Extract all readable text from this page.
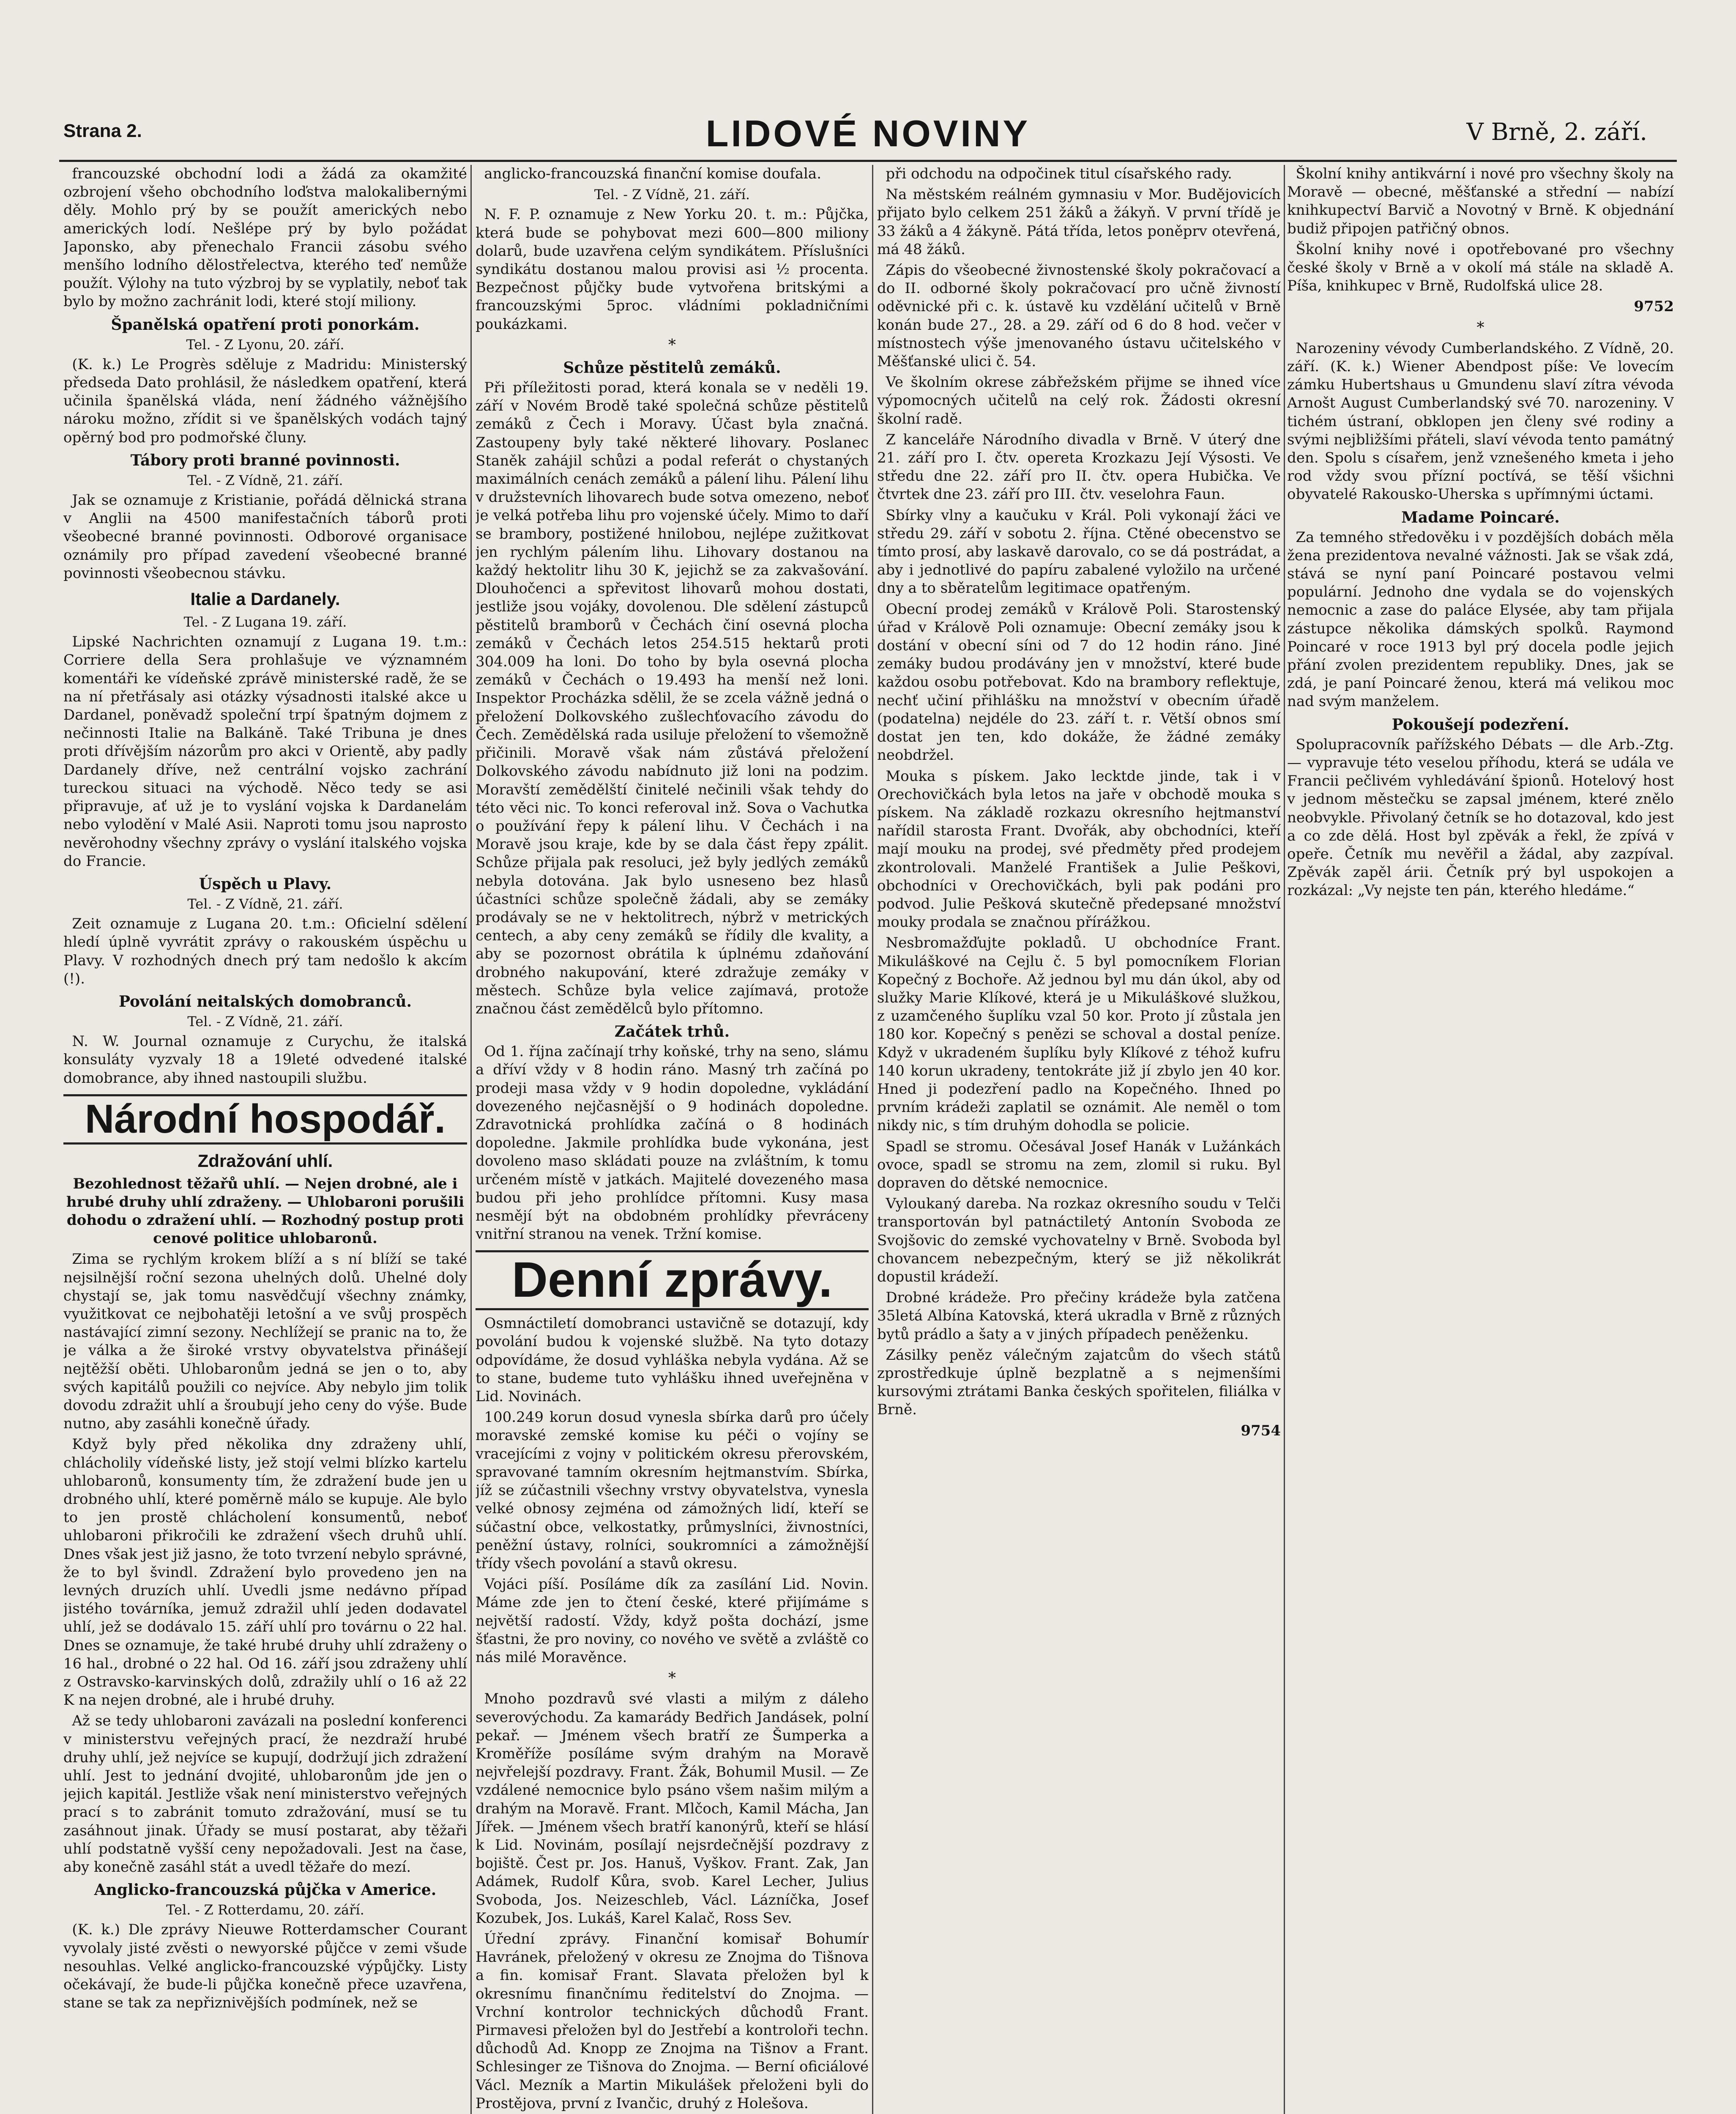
Strana 2.	LIDOVÉ NOVINY	V Brně, 2. září.

francouzské obchodní lodi a žádá za okamžité ozbrojení všeho obchodního loďstva malokalibernými děly. Mohlo prý by se použít amerických nebo amerických lodí. Nešlépe prý by bylo požádat Japonsko, aby přenechalo Francii zásobu svého menšího lodního dělostřelectva, kterého teď nemůže použít. Výlohy na tuto výzbroj by se vyplatily, neboť tak bylo by možno zachránit lodi, které stojí miliony.

Španělská opatření proti ponorkám.
Tel. - Z Lyonu, 20. září.

(K. k.) Le Progrès sděluje z Madridu: Ministerský předseda Dato prohlásil, že následkem opatření, která učinila španělská vláda, není žádného vážnějšího nároku možno, zřídit si ve španělských vodách tajný opěrný bod pro podmořské čluny.

Tábory proti branné povinnosti.
Tel. - Z Vídně, 21. září.

Jak se oznamuje z Kristianie, pořádá dělnická strana v Anglii na 4500 manifestačních táborů proti všeobecné branné povinnosti. Odborové organisace oznámily pro případ zavedení všeobecné branné povinnosti všeobecnou stávku.

Italie a Dardanely.
Tel. - Z Lugana 19. září.

Lipské Nachrichten oznamují z Lugana 19. t.m.: Corriere della Sera prohlašuje ve významném komentáři ke vídeňské zprávě ministerské radě, že se na ní přetřásaly asi otázky výsadnosti italské akce u Dardanel, poněvadž společní trpí špatným dojmem z nečinnosti Italie na Balkáně. Také Tribuna je dnes proti dřívějším názorům pro akci v Orientě, aby padly Dardanely dříve, než centrální vojsko zachrání tureckou situaci na východě. Něco tedy se asi připravuje, ať už je to vyslání vojska k Dardanelám nebo vylodění v Malé Asii. Naproti tomu jsou naprosto nevěrohodny všechny zprávy o vyslání italského vojska do Francie.

Úspěch u Plavy.
Tel. - Z Vídně, 21. září.

Zeit oznamuje z Lugana 20. t.m.: Oficielní sdělení hledí úplně vyvrátit zprávy o rakouském úspěchu u Plavy. V rozhodných dnech prý tam nedošlo k akcím (!).

Povolání neitalských domobranců.
Tel. - Z Vídně, 21. září.

N. W. Journal oznamuje z Curychu, že italská konsuláty vyzvaly 18 a 19leté odvedené italské domobrance, aby ihned nastoupili službu.

Národní hospodář.
Zdražování uhlí.

Bezohlednost těžařů uhlí. — Nejen drobné, ale i hrubé druhy uhlí zdraženy. — Uhlobaroni porušili dohodu o zdražení uhlí. — Rozhodný postup proti cenové politice uhlobaronů.

Zima se rychlým krokem blíží a s ní blíží se také nejsilnější roční sezona uhelných dolů. Uhelné doly chystají se, jak tomu nasvědčují všechny známky, využitkovat ce nejbohatěji letošní a ve svůj prospěch nastávající zimní sezony. Nechlížejí se pranic na to, že je válka a že široké vrstvy obyvatelstva přinášejí nejtěžší oběti. Uhlobaronům jedná se jen o to, aby svých kapitálů použili co nejvíce. Aby nebylo jim tolik dovodu zdražit uhlí a šroubují jeho ceny do výše. Bude nutno, aby zasáhli konečně úřady.

Když byly před několika dny zdraženy uhlí, chlácholily vídeňské listy, jež stojí velmi blízko kartelu uhlobaronů, konsumenty tím, že zdražení bude jen u drobného uhlí, které poměrně málo se kupuje. Ale bylo to jen prostě chlácholení konsumentů, neboť uhlobaroni přikročili ke zdražení všech druhů uhlí. Dnes však jest již jasno, že toto tvrzení nebylo správné, že to byl švindl. Zdražení bylo provedeno jen na levných druzích uhlí. Uvedli jsme nedávno případ jistého továrníka, jemuž zdražil uhlí jeden dodavatel uhlí, jež se dodávalo 15. září uhlí pro továrnu o 22 hal. Dnes se oznamuje, že také hrubé druhy uhlí zdraženy o 16 hal., drobné o 22 hal. Od 16. září jsou zdraženy uhlí z Ostravsko-karvinských dolů, zdražily uhlí o 16 až 22 K na nejen drobné, ale i hrubé druhy.

Až se tedy uhlobaroni zavázali na poslední konferenci v ministerstvu veřejných prací, že nezdraží hrubé druhy uhlí, jež nejvíce se kupují, dodržují jich zdražení uhlí. Jest to jednání dvojité, uhlobaronům jde jen o jejich kapitál. Jestliže však není ministerstvo veřejných prací s to zabránit tomuto zdražování, musí se tu zasáhnout jinak. Úřady se musí postarat, aby těžaři uhlí podstatně vyšší ceny nepožadovali. Jest na čase, aby konečně zasáhl stát a uvedl těžaře do mezí.

Anglicko-francouzská půjčka v Americe.
Tel. - Z Rotterdamu, 20. září.

(K. k.) Dle zprávy Nieuwe Rotterdamscher Courant vyvolaly jisté zvěsti o newyorské půjčce v zemi všude nesouhlas. Velké anglicko-francouzské výpůjčky. Listy očekávají, že bude-li půjčka konečně přece uzavřena, stane se tak za nepřiznivějších podmínek, než se

anglicko-francouzská finanční komise doufala.

Tel. - Z Vídně, 21. září.

N. F. P. oznamuje z New Yorku 20. t. m.: Půjčka, která bude se pohybovat mezi 600—800 miliony dolarů, bude uzavřena celým syndikátem. Příslušníci syndikátu dostanou malou provisi asi ½ procenta. Bezpečnost půjčky bude vytvořena britskými a francouzskými 5proc. vládními pokladničními poukázkami.

*
Schůze pěstitelů zemáků.

Při příležitosti porad, která konala se v neděli 19. září v Novém Brodě také společná schůze pěstitelů zemáků z Čech i Moravy. Účast byla značná. Zastoupeny byly také některé lihovary. Poslanec Staněk zahájil schůzi a podal referát o chystaných maximálních cenách zemáků a pálení lihu. Pálení lihu v družstevních lihovarech bude sotva omezeno, neboť je velká potřeba lihu pro vojenské účely. Mimo to daří se brambory, postižené hnilobou, nejlépe zužitkovat jen rychlým pálením lihu. Lihovary dostanou na každý hektolitr lihu 30 K, jejichž se za zakvašování. Dlouhočenci a spřevitost lihovarů mohou dostati, jestliže jsou vojáky, dovolenou. Dle sdělení zástupců pěstitelů bramborů v Čechách činí osevná plocha zemáků v Čechách letos 254.515 hektarů proti 304.009 ha loni. Do toho by byla osevná plocha zemáků v Čechách o 19.493 ha menší než loni. Inspektor Procházka sdělil, že se zcela vážně jedná o přeložení Dolkovského zušlechťovacího závodu do Čech. Zemědělská rada usiluje přeložení to všemožně přičinili. Moravě však nám zůstává přeložení Dolkovského závodu nabídnuto již loni na podzim. Moravští zemědělští činitelé nečinili však tehdy do této věci nic. To konci referoval inž. Sova o Vachutka o používání řepy k pálení lihu. V Čechách i na Moravě jsou kraje, kde by se dala část řepy zpálit. Schůze přijala pak resoluci, jež byly jedlých zemáků nebyla dotována. Jak bylo usneseno bez hlasů účastníci schůze společně žádali, aby se zemáky prodávaly se ne v hektolitrech, nýbrž v metrických centech, a aby ceny zemáků se řídily dle kvality, a aby se pozornost obrátila k úplnému zdaňování drobného nakupování, které zdražuje zemáky v městech. Schůze byla velice zajímavá, protože značnou část zemědělců bylo přítomno.

Začátek trhů.

Od 1. října začínají trhy koňské, trhy na seno, slámu a dříví vždy v 8 hodin ráno. Masný trh začíná po prodeji masa vždy v 9 hodin dopoledne, vykládání dovezeného nejčasnější o 9 hodinách dopoledne. Zdravotnická prohlídka začíná o 8 hodinách dopoledne. Jakmile prohlídka bude vykonána, jest dovoleno maso skládati pouze na zvláštním, k tomu určeném místě v jatkách. Majitelé dovezeného masa budou při jeho prohlídce přítomni. Kusy masa nesmějí být na obdobném prohlídky převráceny vnitřní stranou na venek. Tržní komise.

Denní zprávy.

Osmnáctiletí domobranci ustavičně se dotazují, kdy povolání budou k vojenské službě. Na tyto dotazy odpovídáme, že dosud vyhláška nebyla vydána. Až se to stane, budeme tuto vyhlášku ihned uveřejněna v Lid. Novinách.

100.249 korun dosud vynesla sbírka darů pro účely moravské zemské komise ku péči o vojíny se vracejícími z vojny v politickém okresu přerovském, spravované tamním okresním hejtmanstvím. Sbírka, jíž se zúčastnili všechny vrstvy obyvatelstva, vynesla velké obnosy zejména od zámožných lidí, kteří se súčastní obce, velkostatky, průmyslníci, živnostníci, peněžní ústavy, rolníci, soukromníci a zámožnější třídy všech povolání a stavů okresu.

Vojáci píší. Posíláme dík za zasílání Lid. Novin. Máme zde jen to čtení české, které přijímáme s největší radostí. Vždy, když pošta dochází, jsme šťastni, že pro noviny, co nového ve světě a zvláště co nás milé Moravěnce.

*

Mnoho pozdravů své vlasti a milým z dáleho severovýchodu. Za kamarády Bedřich Jandásek, polní pekař. — Jménem všech bratří ze Šumperka a Kroměříže posíláme svým drahým na Moravě nejvřelejší pozdravy. Frant. Žák, Bohumil Musil. — Ze vzdálené nemocnice bylo psáno všem našim milým a drahým na Moravě. Frant. Mlčoch, Kamil Mácha, Jan Jířek. — Jménem všech bratří kanonýrů, kteří se hlásí k Lid. Novinám, posílají nejsrdečnější pozdravy z bojiště. Čest pr. Jos. Hanuš, Vyškov. Frant. Zak, Jan Adámek, Rudolf Kůra, svob. Karel Lecher, Julius Svoboda, Jos. Neizeschleb, Václ. Lázníčka, Josef Kozubek, Jos. Lukáš, Karel Kalač, Ross Sev.

Úřední zprávy. Finanční komisař Bohumír Havránek, přeložený v okresu ze Znojma do Tišnova a fin. komisař Frant. Slavata přeložen byl k okresnímu finančnímu ředitelství do Znojma. — Vrchní kontrolor technických důchodů Frant. Pirmavesi přeložen byl do Jestřebí a kontroloři techn. důchodů Ad. Knopp ze Znojma na Tišnov a Frant. Schlesinger ze Tišnova do Znojma. — Berní oficiálové Václ. Mezník a Martin Mikulášek přeloženi byli do Prostějova, první z Ivančic, druhý z Holešova.

při odchodu na odpočinek titul císařského rady.

Na městském reálném gymnasiu v Mor. Budějovicích přijato bylo celkem 251 žáků a žákyň. V první třídě je 33 žáků a 4 žákyně. Pátá třída, letos poněprv otevřená, má 48 žáků.

Zápis do všeobecné živnostenské školy pokračovací a do II. odborné školy pokračovací pro učně živností oděvnické při c. k. ústavě ku vzdělání učitelů v Brně konán bude 27., 28. a 29. září od 6 do 8 hod. večer v místnostech výše jmenovaného ústavu učitelského v Měšťanské ulici č. 54.

Ve školním okrese zábřežském přijme se ihned více výpomocných učitelů na celý rok. Žádosti okresní školní radě.

Z kanceláře Národního divadla v Brně. V úterý dne 21. září pro I. čtv. opereta Krozkazu Její Výsosti. Ve středu dne 22. září pro II. čtv. opera Hubička. Ve čtvrtek dne 23. září pro III. čtv. veselohra Faun.

Sbírky vlny a kaučuku v Král. Poli vykonají žáci ve středu 29. září v sobotu 2. října. Ctěné obecenstvo se tímto prosí, aby laskavě darovalo, co se dá postrádat, a aby i jednotlivé do papíru zabalené vyložilo na určené dny a to sběratelům legitimace opatřeným.

Obecní prodej zemáků v Králově Poli. Starostenský úřad v Králově Poli oznamuje: Obecní zemáky jsou k dostání v obecní síni od 7 do 12 hodin ráno. Jiné zemáky budou prodávány jen v množství, které bude každou osobu potřebovat. Kdo na brambory reflektuje, nechť učiní přihlášku na množství v obecním úřadě (podatelna) nejdéle do 23. září t. r. Větší obnos smí dostat jen ten, kdo dokáže, že žádné zemáky neobdržel.

Mouka s pískem. Jako lecktde jinde, tak i v Orechovičkách byla letos na jaře v obchodě mouka s pískem. Na základě rozkazu okresního hejtmanství nařídil starosta Frant. Dvořák, aby obchodníci, kteří mají mouku na prodej, své předměty před prodejem zkontrolovali. Manželé František a Julie Peškovi, obchodníci v Orechovičkách, byli pak podáni pro podvod. Julie Pešková skutečně předepsané množství mouky prodala se značnou přírážkou.

Nesbromažďujte pokladů. U obchodníce Frant. Mikuláškové na Cejlu č. 5 byl pomocníkem Florian Kopečný z Bochoře. Až jednou byl mu dán úkol, aby od služky Marie Klíkové, která je u Mikuláškové služkou, z uzamčeného šuplíku vzal 50 kor. Proto jí zůstala jen 180 kor. Kopečný s penězi se schoval a dostal peníze. Když v ukradeném šuplíku byly Klíkové z téhož kufru 140 korun ukradeny, tentokráte již jí zbylo jen 40 kor. Hned ji podezření padlo na Kopečného. Ihned po prvním krádeži zaplatil se oznámit. Ale neměl o tom nikdy nic, s tím druhým dohodla se policie.

Spadl se stromu. Očesával Josef Hanák v Lužánkách ovoce, spadl se stromu na zem, zlomil si ruku. Byl dopraven do dětské nemocnice.

Vyloukaný dareba. Na rozkaz okresního soudu v Telči transportován byl patnáctiletý Antonín Svoboda ze Svojšovic do zemské vychovatelny v Brně. Svoboda byl chovancem nebezpečným, který se již několikrát dopustil krádeží.

Drobné krádeže. Pro přečiny krádeže byla zatčena 35letá Albína Katovská, která ukradla v Brně z různých bytů prádlo a šaty a v jiných případech peněženku.

Zásilky peněz válečným zajatcům do všech států zprostředkuje úplně bezplatně a s nejmenšími kursovými ztrátami Banka českých spořitelen, filiálka v Brně.

9754

Školní knihy antikvární i nové pro všechny školy na Moravě — obecné, měšťanské a střední — nabízí knihkupectví Barvič a Novotný v Brně. K objednání budiž připojen patřičný obnos.

Školní knihy nové i opotřebované pro všechny české školy v Brně a v okolí má stále na skladě A. Píša, knihkupec v Brně, Rudolfská ulice 28.

9752
*

Narozeniny vévody Cumberlandského. Z Vídně, 20. září. (K. k.) Wiener Abendpost píše: Ve lovecím zámku Hubertshaus u Gmundenu slaví zítra vévoda Arnošt August Cumberlandský své 70. narozeniny. V tichém ústraní, obklopen jen členy své rodiny a svými nejbližšími přáteli, slaví vévoda tento památný den. Spolu s císařem, jenž vznešeného kmeta i jeho rod vždy svou přízní poctívá, se těší všichni obyvatelé Rakousko-Uherska s upřímnými úctami.

Madame Poincaré.

Za temného středověku i v pozdějších dobách měla žena prezidentova nevalné vážnosti. Jak se však zdá, stává se nyní paní Poincaré postavou velmi populární. Jednoho dne vydala se do vojenských nemocnic a zase do paláce Elysée, aby tam přijala zástupce několika dámských spolků. Raymond Poincaré v roce 1913 byl prý docela podle jejich přání zvolen prezidentem republiky. Dnes, jak se zdá, je paní Poincaré ženou, která má velikou moc nad svým manželem.

Pokoušejí podezření.

Spolupracovník pařížského Débats — dle Arb.-Ztg. — vypravuje této veselou příhodu, která se udála ve Francii pečlivém vyhledávání špionů. Hotelový host v jednom městečku se zapsal jménem, které znělo neobvykle. Přivolaný četník se ho dotazoval, kdo jest a co zde dělá. Host byl zpěvák a řekl, že zpívá v opeře. Četník mu nevěřil a žádal, aby zazpíval. Zpěvák zapěl árii. Četník prý byl uspokojen a rozkázal: „Vy nejste ten pán, kterého hledáme.“
